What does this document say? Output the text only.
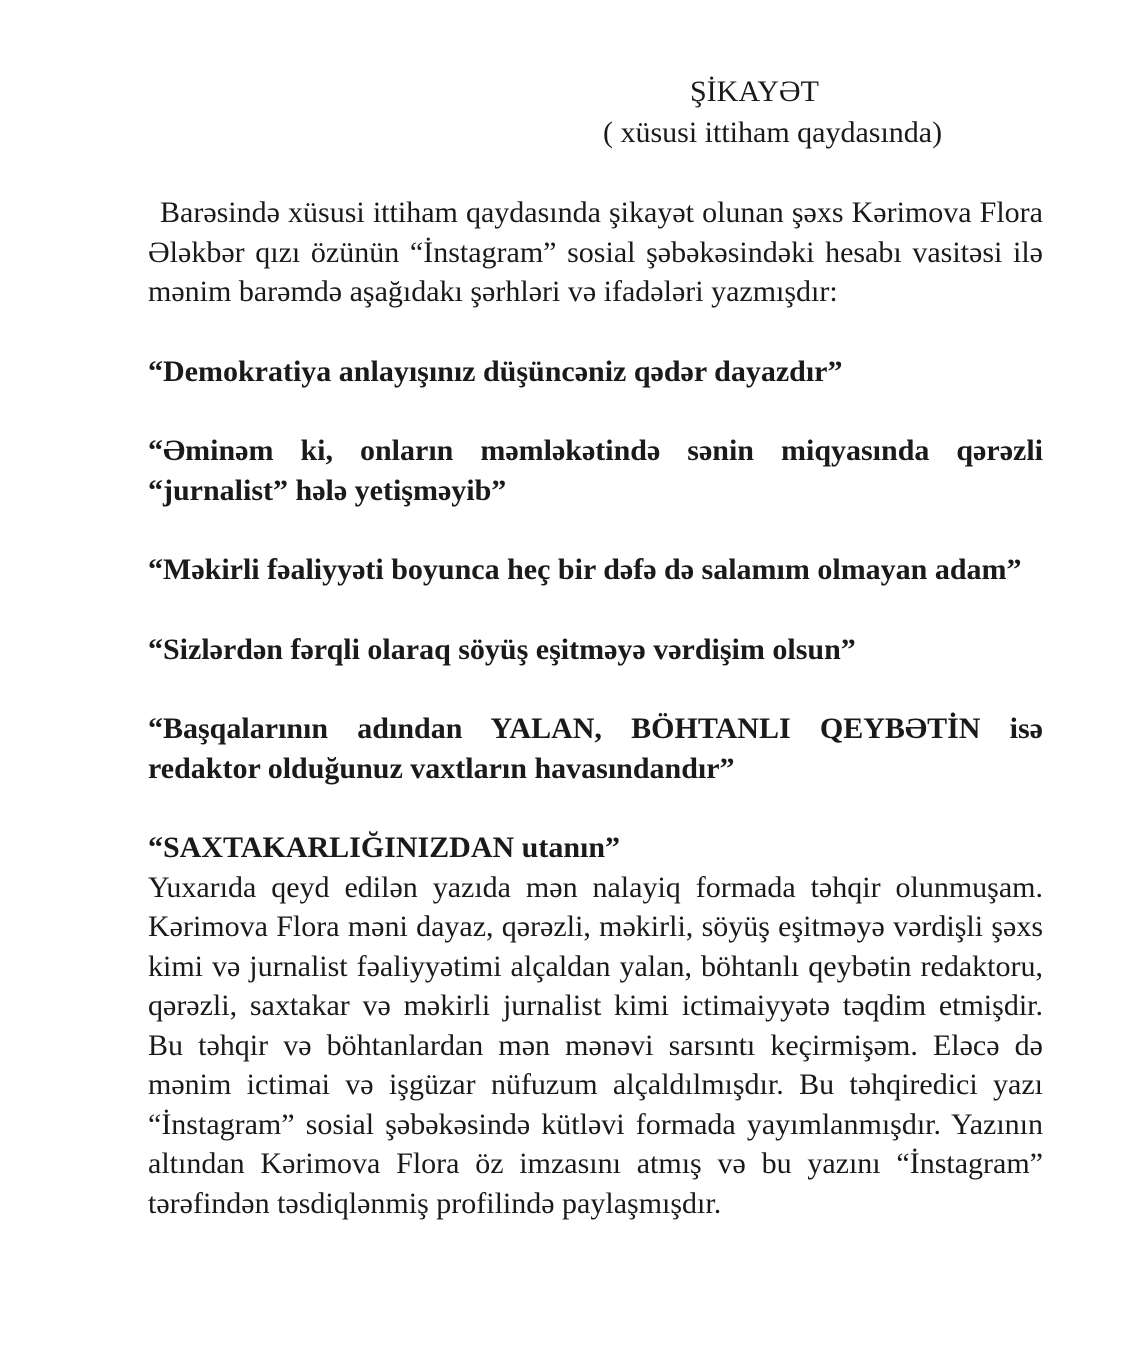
ŞİKAYƏT
( xüsusi ittiham qaydasında)

Barəsində xüsusi ittiham qaydasında şikayət olunan şəxs Kərimova Flora Ələkbər qızı özünün “İnstagram” sosial şəbəkəsindəki hesabı vasitəsi ilə mənim barəmdə aşağıdakı şərhləri və ifadələri yazmışdır:

“Demokratiya anlayışınız düşüncəniz qədər dayazdır”

“Əminəm ki, onların məmləkətində sənin miqyasında qərəzli “jurnalist” hələ yetişməyib”

“Məkirli fəaliyyəti boyunca heç bir dəfə də salamım olmayan adam”

“Sizlərdən fərqli olaraq söyüş eşitməyə vərdişim olsun”

“Başqalarının adından YALAN, BÖHTANLI QEYBƏTİN isə redaktor olduğunuz vaxtların havasındandır”

“SAXTAKARLIĞINIZDAN utanın”

Yuxarıda qeyd edilən yazıda mən nalayiq formada təhqir olunmuşam. Kərimova Flora məni dayaz, qərəzli, məkirli, söyüş eşitməyə vərdişli şəxs kimi və jurnalist fəaliyyətimi alçaldan yalan, böhtanlı qeybətin redaktoru, qərəzli, saxtakar və məkirli jurnalist kimi ictimaiyyətə təqdim etmişdir. Bu təhqir və böhtanlardan mən mənəvi sarsıntı keçirmişəm. Eləcə də mənim ictimai və işgüzar nüfuzum alçaldılmışdır. Bu təhqiredici yazı “İnstagram” sosial şəbəkəsində kütləvi formada yayımlanmışdır. Yazının altından Kərimova Flora öz imzasını atmış və bu yazını “İnstagram” tərəfindən təsdiqlənmiş profilində paylaşmışdır.
